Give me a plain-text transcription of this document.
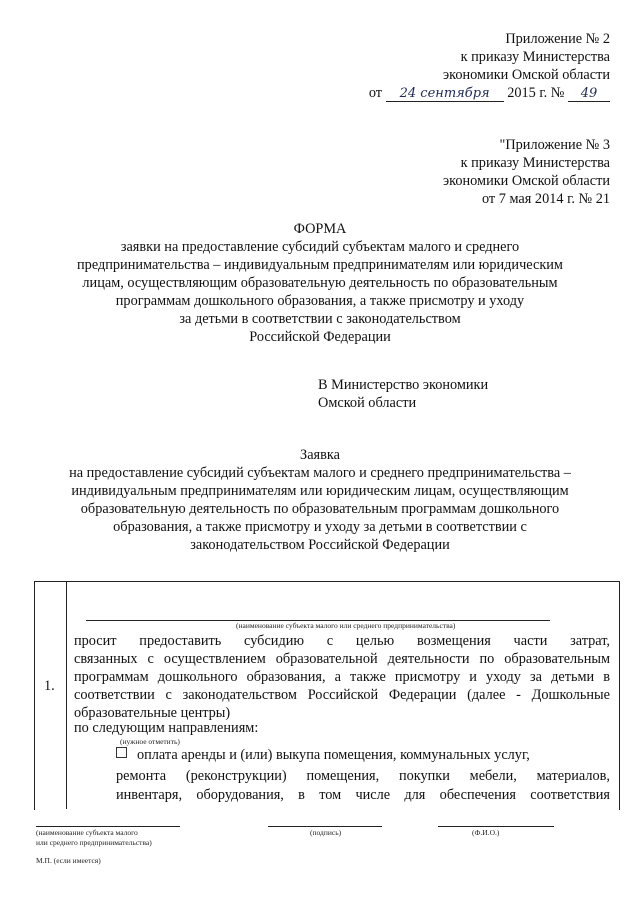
Приложение № 2
к приказу Министерства
экономики Омской области
от 24 сентября 2015 г. № 49
"Приложение № 3
к приказу Министерства
экономики Омской области
от 7 мая 2014 г. № 21
ФОРМА
заявки на предоставление субсидий субъектам малого и среднего
предпринимательства – индивидуальным предпринимателям или юридическим
лицам, осуществляющим образовательную деятельность по образовательным
программам дошкольного образования, а также присмотру и уходу
за детьми в соответствии с законодательством
Российской Федерации
В Министерство экономики
Омской области
Заявка
на предоставление субсидий субъектам малого и среднего предпринимательства –
индивидуальным предпринимателям или юридическим лицам, осуществляющим
образовательную деятельность по образовательным программам дошкольного
образования, а также присмотру и уходу за детьми в соответствии с
законодательством Российской Федерации
1.
(наименование субъекта малого или среднего предпринимательства)
просит предоставить субсидию с целью возмещения части затрат,
связанных с осуществлением образовательной деятельности по образовательным
программам дошкольного образования, а также присмотру и уходу за детьми в
соответствии с законодательством Российской Федерации (далее - Дошкольные
образовательные центры)
по следующим направлениям:
(нужное отметить)
оплата аренды и (или) выкупа помещения, коммунальных услуг,
ремонта (реконструкции) помещения, покупки мебели, материалов,
инвентаря, оборудования, в том числе для обеспечения соответствия
(наименование субъекта малого
или среднего предпринимательства)
(подпись)	(Ф.И.О.)
М.П. (если имеется)
